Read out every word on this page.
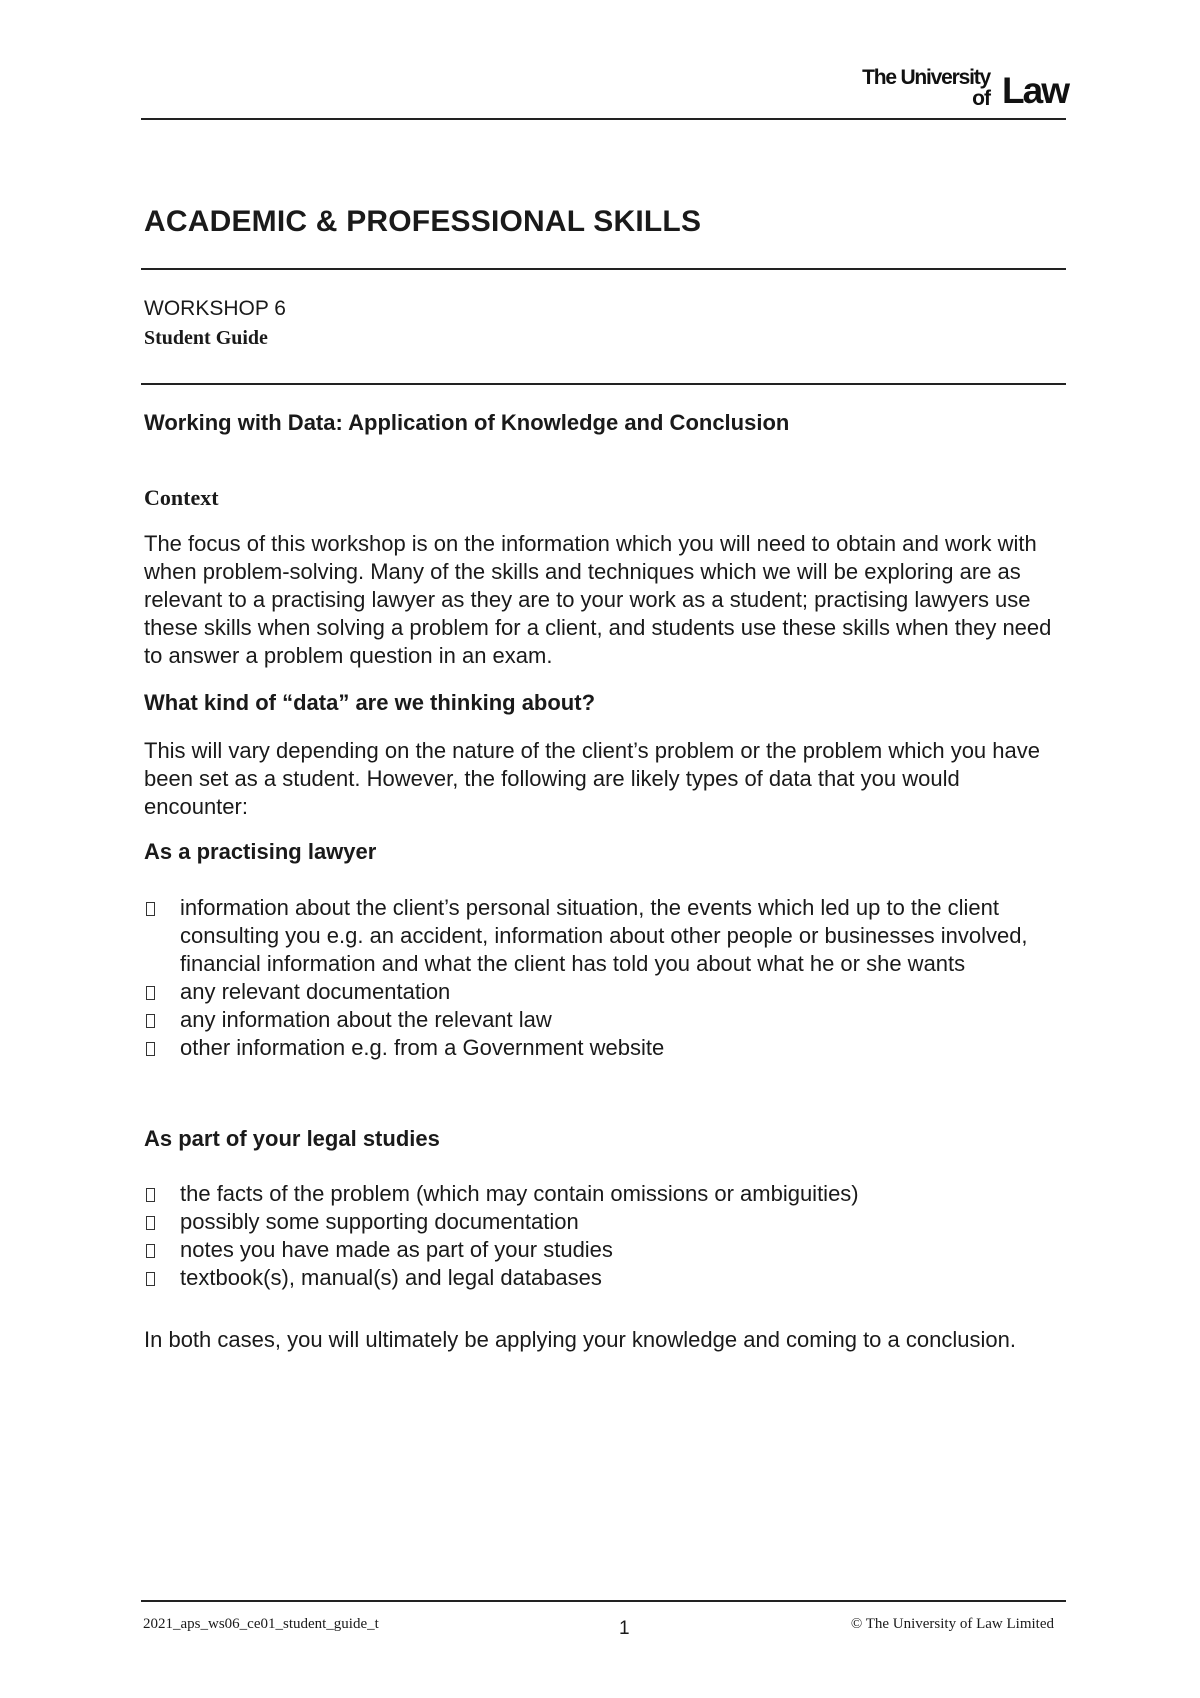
The University
of Law
ACADEMIC & PROFESSIONAL SKILLS
WORKSHOP 6
Student Guide
Working with Data: Application of Knowledge and Conclusion
Context

The focus of this workshop is on the information which you will need to obtain and work with when problem-solving. Many of the skills and techniques which we will be exploring are as relevant to a practising lawyer as they are to your work as a student; practising lawyers use these skills when solving a problem for a client, and students use these skills when they need to answer a problem question in an exam.

What kind of “data” are we thinking about?

This will vary depending on the nature of the client’s problem or the problem which you have been set as a student. However, the following are likely types of data that you would encounter:

As a practising lawyer
information about the client’s personal situation, the events which led up to the client consulting you e.g. an accident, information about other people or businesses involved, financial information and what the client has told you about what he or she wants
any relevant documentation
any information about the relevant law
other information e.g. from a Government website
As part of your legal studies
the facts of the problem (which may contain omissions or ambiguities)
possibly some supporting documentation
notes you have made as part of your studies
textbook(s), manual(s) and legal databases

In both cases, you will ultimately be applying your knowledge and coming to a conclusion.

2021_aps_ws06_ce01_student_guide_t	1	© The University of Law Limited
